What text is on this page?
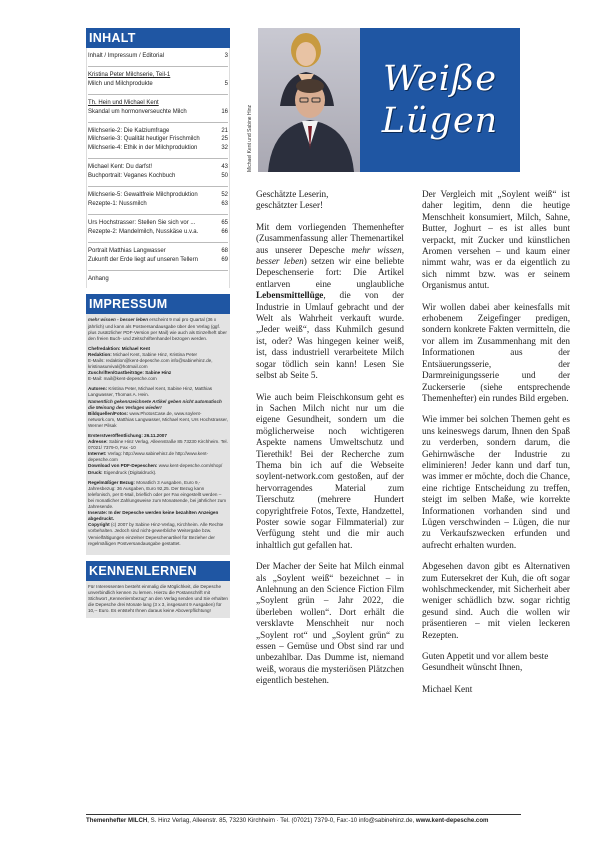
INHALT
Inhalt / Impressum / Editorial	3
Kristina Peter Milchserie, Teil-1
Milch und Milchprodukte	5
Th. Hein und Michael Kent
Skandal um hormonverseuchte Milch	16
Milchserie-2: Die Kalziumfrage	21
Milchserie-3: Qualität heutiger Frischmilch	25
Milchserie-4: Ethik in der Milchproduktion	32
Michael Kent: Du darfst!	43
Buchportrait: Veganes Kochbuch	50
Milchserie-5: Gewaltfreie Milchproduktion	52
Rezepte-1: Nussmilch	63
Urs Hochstrasser: Stellen Sie sich vor ...	65
Rezepte-2: Mandelmilch, Nusskäse u.v.a.	66
Portrait Matthias Langwasser	68
Zukunft der Erde liegt auf unseren Tellern	69
Anhang
IMPRESSUM

mehr wissen - besser leben erscheint 9 mal pro Quartal (36 x jährlich) und kann als Postversandausgabe über den Verlag (ggf. plus zusätzlicher PDF-Version per Mail) wie auch als Einzelheft über den freien Buch- und Zeitschriftenhandel bezogen werden.

Chefredaktion: Michael Kent
Redaktion: Michael Kent, Sabine Hinz, Kristina Peter
E-Mails: redaktion@kent-depesche.com info@sabinehinz.de, kristinasurvival@hotmail.com
Zuschriften/Gastbeiträge: Sabine Hinz
E-Mail: mail@kent-depesche.com

Autoren: Kristina Peter, Michael Kent, Sabine Hinz, Matthias Langwasser, Thomas A. Hein.
Namentlich gekennzeichnete Artikel geben nicht automatisch die Meinung des Verlages wieder!
Bildquellen/Fotos: www.PhotosCase.de, www.soylent-network.com, Matthias Langwasser, Michael Kent, Urs Hochstrasser, Werner Pilsak

Ersterstveröffentlichung: 26.11.2007
Adresse: Sabine Hinz Verlag, Alleenstraße 85 73230 Kirchheim. Tel. 07021/ 7379-0, Fax -10
Internet: Verlag: http://www.sabinehinz.de http://www.kent-depesche.com
Download von PDF-Depeschen: www.kent-depesche.com/shop/
Druck: Eigendruck (Digitaldruck).

Regelmäßiger Bezug: Monatlich 3 Ausgaben, Euro 9,- Jahresbezug: 36 Ausgaben, Euro 92,25. Der Bezug kann telefonisch, per E-Mail, brieflich oder per Fax eingestellt werden – bei monatlicher Zahlungsweise zum Monatsende, bei jährlicher zum Jahresende.
Inserate: In der Depesche werden keine bezahlten Anzeigen abgedruckt.
Copyright (c) 2007 by Sabine Hinz-Verlag, Kirchheim. Alle Rechte vorbehalten. Jedoch sind nicht-gewerbliche Weitergabe bzw. Vervielfältigungen einzelner Depeschenartikel für Bezieher der regelmäßigen Postversandausgabe gestattet.

KENNENLERNEN
Für Interessenten besteht einmalig die Möglichkeit, die Depesche unverbindlich kennen zu lernen. Hierzu die Postanschrift mit Stichwort „Kennenlernbezug“ an den Verlag senden und Sie erhalten die Depesche drei Monate lang (3 x 3, insgesamt 9 Ausgaben) für 10,-- Euro. Es entsteht Ihnen daraus keine Aboverpflichtung!
Michael Kent und Sabine Hinz
Weiße
Lügen

Geschätzte Leserin,
geschätzter Leser!

Mit dem vorliegenden Themenhefter (Zusammenfassung aller Themenartikel aus unserer Depesche mehr wissen, besser leben) setzen wir eine beliebte Depeschenserie fort: Die Artikel entlarven eine unglaubliche Lebensmittellüge, die von der Industrie in Umlauf gebracht und der Welt als Wahrheit verkauft wurde. „Jeder weiß“, dass Kuhmilch gesund ist, oder? Was hingegen keiner weiß, ist, dass industriell verarbeitete Milch sogar tödlich sein kann! Lesen Sie selbst ab Seite 5.

Wie auch beim Fleischkonsum geht es in Sachen Milch nicht nur um die eigene Gesundheit, sondern um die möglicherweise noch wichtigeren Aspekte namens Umweltschutz und Tierethik! Bei der Recherche zum Thema bin ich auf die Webseite soylent-network.com gestoßen, auf der hervorragendes Material zum Tierschutz (mehrere Hundert copyrightfreie Fotos, Texte, Handzettel, Poster sowie sogar Filmmaterial) zur Verfügung steht und die mir auch inhaltlich gut gefallen hat.

Der Macher der Seite hat Milch einmal als „Soylent weiß“ bezeichnet – in Anlehnung an den Science Fiction Film „Soylent grün – Jahr 2022, die überleben wollen“. Dort erhält die versklavte Menschheit nur noch „Soylent rot“ und „Soylent grün“ zu essen – Gemüse und Obst sind rar und unbezahlbar. Das Dumme ist, niemand weiß, woraus die mysteriösen Plätzchen eigentlich bestehen.

Der Vergleich mit „Soylent weiß“ ist daher legitim, denn die heutige Menschheit konsumiert, Milch, Sahne, Butter, Joghurt – es ist alles bunt verpackt, mit Zucker und künstlichen Aromen versehen – und kaum einer nimmt wahr, was er da eigentlich zu sich nimmt bzw. was er seinem Organismus antut.

Wir wollen dabei aber keinesfalls mit erhobenem Zeigefinger predigen, sondern konkrete Fakten vermitteln, die vor allem im Zusammenhang mit den Informationen aus der Entsäuerungsserie, der Darmreinigungsserie und der Zuckerserie (siehe entsprechende Themenhefter) ein rundes Bild ergeben.

Wie immer bei solchen Themen geht es uns keineswegs darum, Ihnen den Spaß zu verderben, sondern darum, die Gehirnwäsche der Industrie zu eliminieren! Jeder kann und darf tun, was immer er möchte, doch die Chance, eine richtige Entscheidung zu treffen, steigt im selben Maße, wie korrekte Informationen vorhanden sind und Lügen verschwinden – Lügen, die nur zu Verkaufszwecken erfunden und aufrecht erhalten wurden.

Abgesehen davon gibt es Alternativen zum Eutersekret der Kuh, die oft sogar wohlschmeckender, mit Sicherheit aber weniger schädlich bzw. sogar richtig gesund sind. Auch die wollen wir präsentieren – mit vielen leckeren Rezepten.

Guten Appetit und vor allem beste Gesundheit wünscht Ihnen,

Michael Kent

Themenhefter MILCH, S. Hinz Verlag, Alleenstr. 85, 73230 Kirchheim · Tel. (07021) 7379-0, Fax:-10 info@sabinehinz.de, www.kent-depesche.com
